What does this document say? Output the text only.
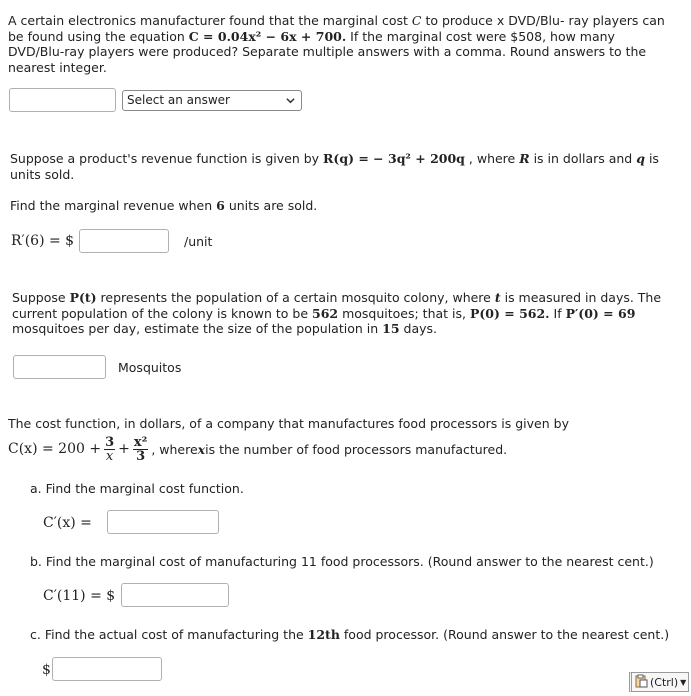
A certain electronics manufacturer found that the marginal cost C to produce x DVD/Blu- ray players can
be found using the equation C = 0.04x² − 6x + 700. If the marginal cost were $508, how many
DVD/Blu-ray players were produced? Separate multiple answers with a comma. Round answers to the
nearest integer.
Select an answer
Suppose a product's revenue function is given by R(q) = − 3q² + 200q , where R is in dollars and q is
units sold.
Find the marginal revenue when 6 units are sold.
R′(6) = $	/unit
Suppose P(t) represents the population of a certain mosquito colony, where t is measured in days. The
current population of the colony is known to be 562 mosquitoes; that is, P(0) = 562. If P′(0) = 69
mosquitoes per day, estimate the size of the population in 15 days.
Mosquitos
The cost function, in dollars, of a company that manufactures food processors is given by
$C(x) = 200 + \frac{3}{x} + \frac{\text{x²}}{3}$ , where x is the number of food processors manufactured.
a. Find the marginal cost function.
C′(x) =
b. Find the marginal cost of manufacturing 11 food processors. (Round answer to the nearest cent.)
C′(11) = $
c. Find the actual cost of manufacturing the 12th food processor. (Round answer to the nearest cent.)
$
(Ctrl) ▼
